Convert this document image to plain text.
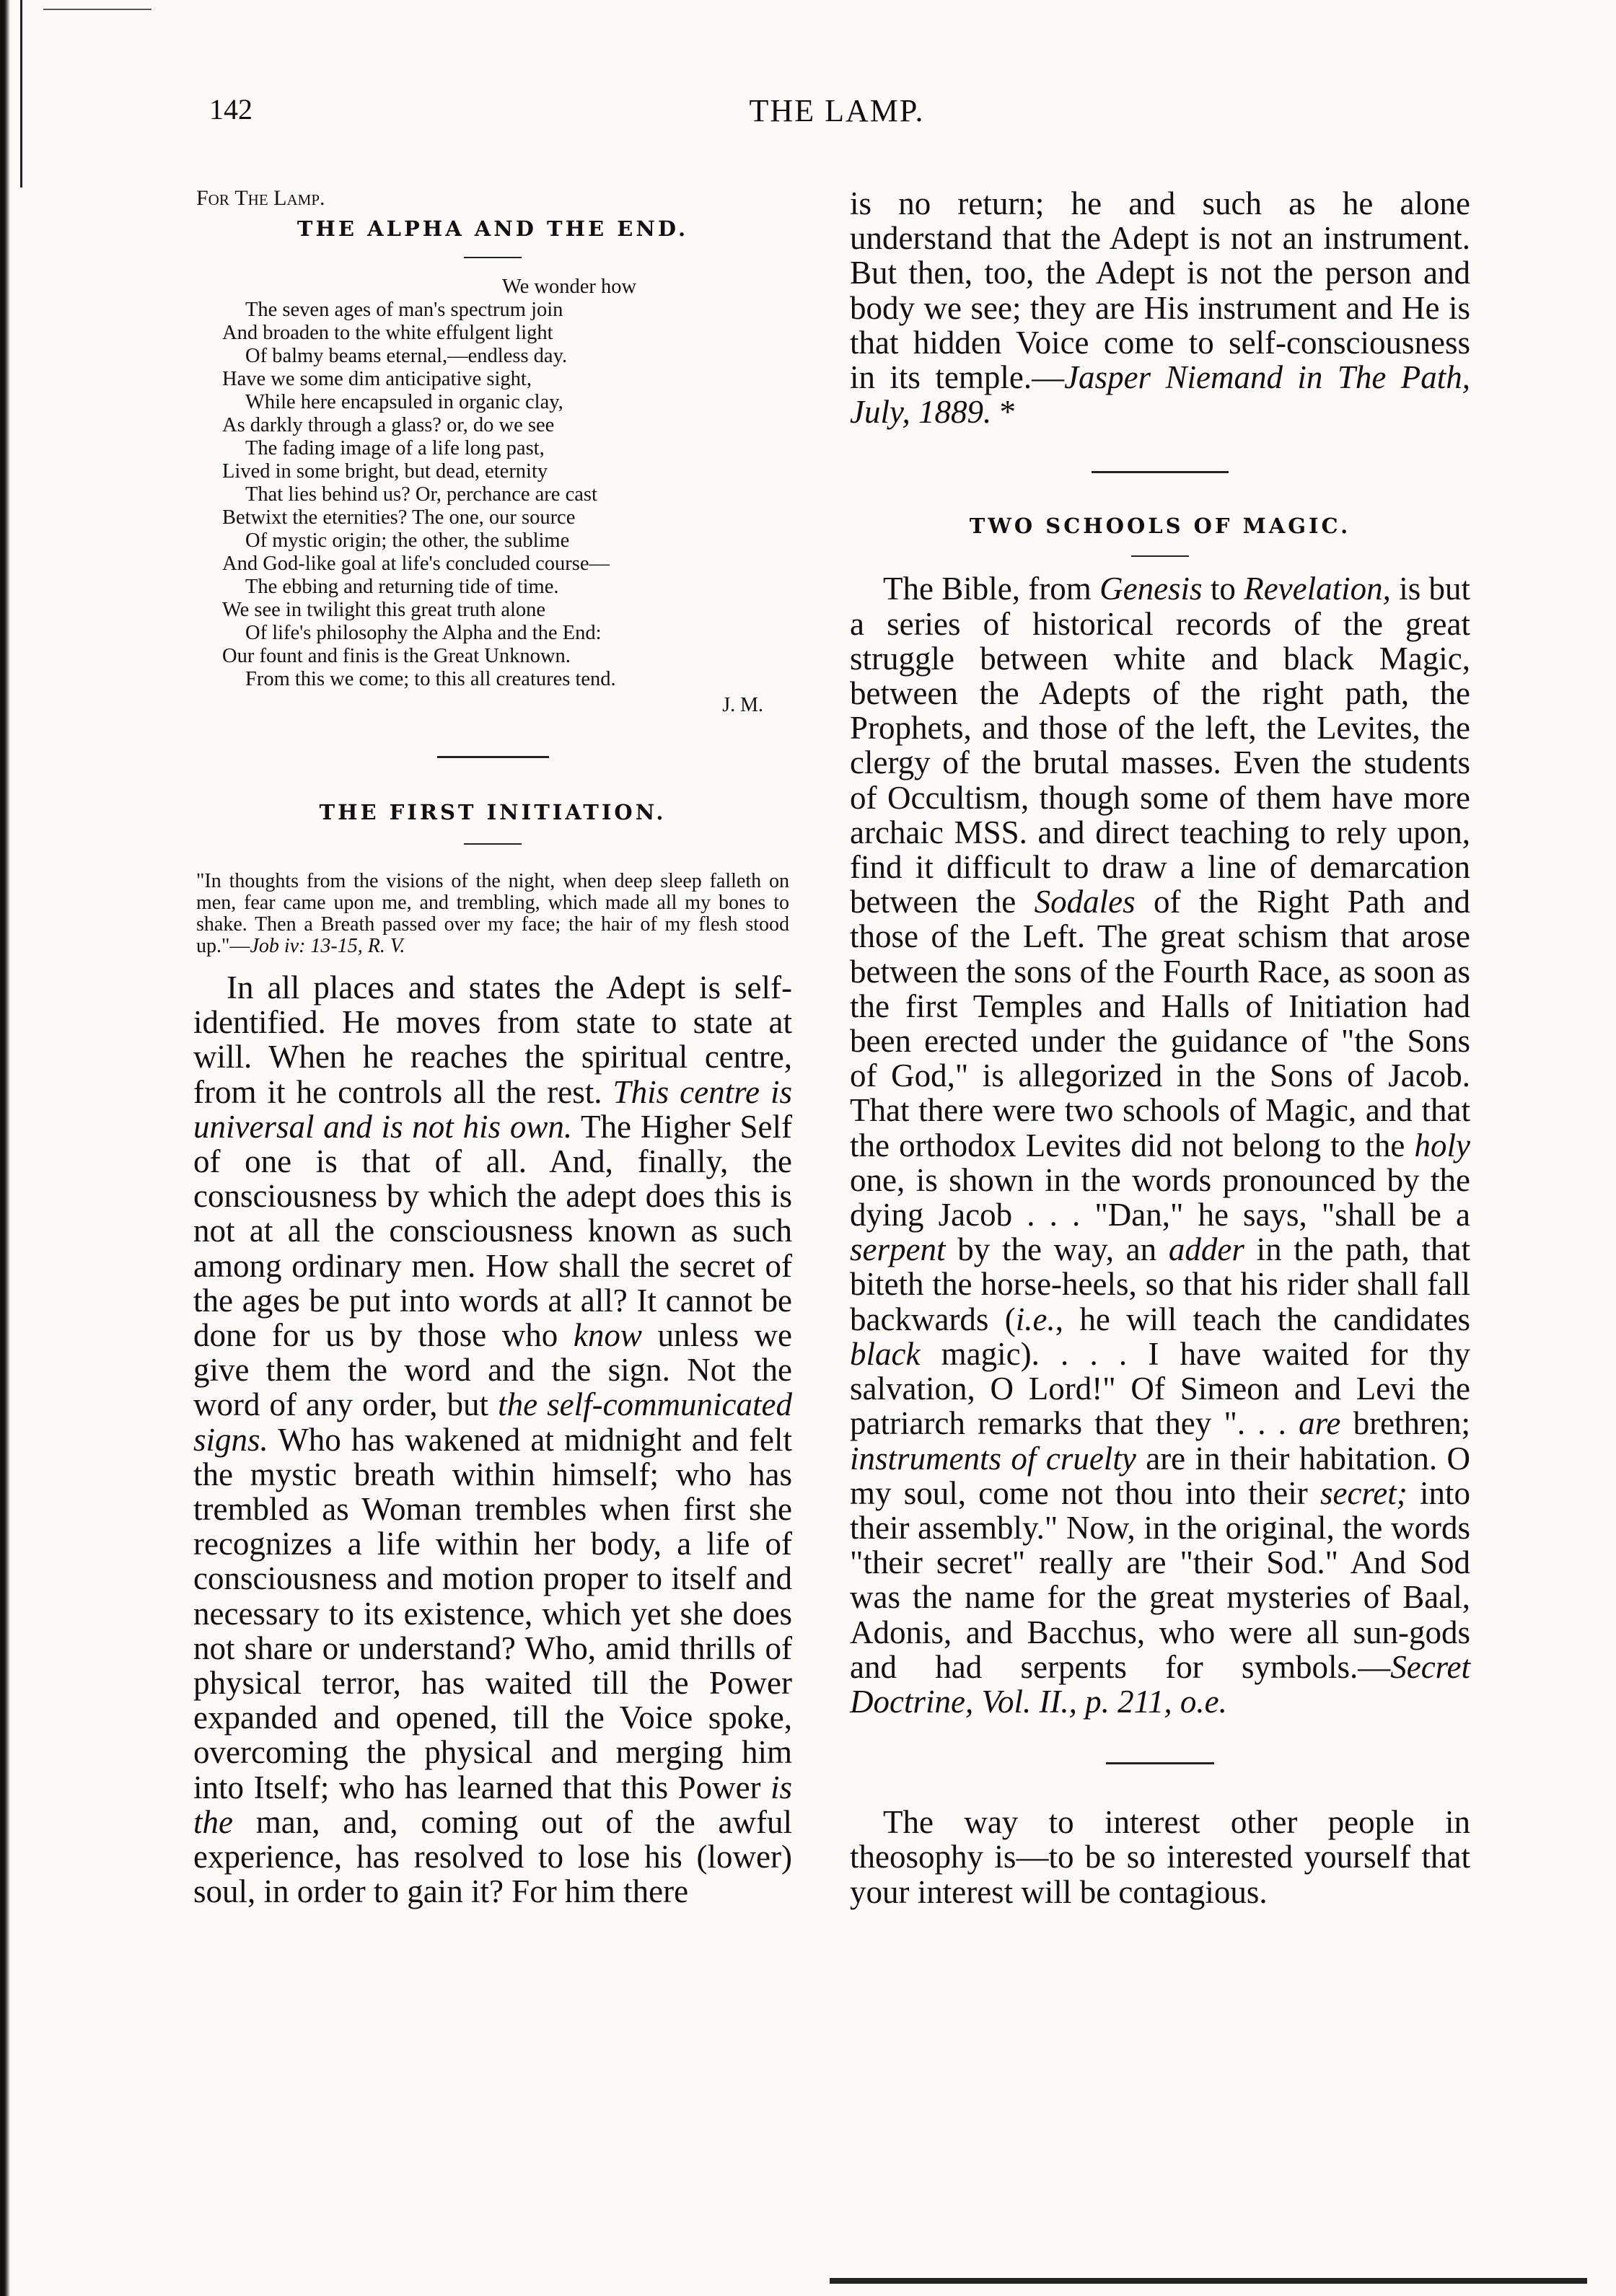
142	THE LAMP.
For The Lamp.
THE ALPHA AND THE END.
We wonder how
The seven ages of man's spectrum join
And broaden to the white effulgent light
Of balmy beams eternal,—endless day.
Have we some dim anticipative sight,
While here encapsuled in organic clay,
As darkly through a glass? or, do we see
The fading image of a life long past,
Lived in some bright, but dead, eternity
That lies behind us? Or, perchance are cast
Betwixt the eternities? The one, our source
Of mystic origin; the other, the sublime
And God-like goal at life's concluded course—
The ebbing and returning tide of time.
We see in twilight this great truth alone
Of life's philosophy the Alpha and the End:
Our fount and finis is the Great Unknown.
From this we come; to this all creatures tend.
J. M.
THE FIRST INITIATION.
"In thoughts from the visions of the night, when deep sleep falleth on men, fear came upon me, and trembling, which made all my bones to shake. Then a Breath passed over my face; the hair of my flesh stood up."—Job iv: 13-15, R. V.

In all places and states the Adept is self-identified. He moves from state to state at will. When he reaches the spiritual centre, from it he controls all the rest. This centre is universal and is not his own. The Higher Self of one is that of all. And, finally, the consciousness by which the adept does this is not at all the consciousness known as such among ordinary men. How shall the secret of the ages be put into words at all? It cannot be done for us by those who know unless we give them the word and the sign. Not the word of any order, but the self-communicated signs. Who has wakened at midnight and felt the mystic breath within himself; who has trembled as Woman trembles when first she recognizes a life within her body, a life of consciousness and motion proper to itself and necessary to its existence, which yet she does not share or understand? Who, amid thrills of physical terror, has waited till the Power expanded and opened, till the Voice spoke, overcoming the physical and merging him into Itself; who has learned that this Power is the man, and, coming out of the awful experience, has resolved to lose his (lower) soul, in order to gain it? For him there

is no return; he and such as he alone understand that the Adept is not an instrument. But then, too, the Adept is not the person and body we see; they are His instrument and He is that hidden Voice come to self-consciousness in its temple.—Jasper Niemand in The Path, July, 1889. *

TWO SCHOOLS OF MAGIC.

The Bible, from Genesis to Revelation, is but a series of historical records of the great struggle between white and black Magic, between the Adepts of the right path, the Prophets, and those of the left, the Levites, the clergy of the brutal masses. Even the students of Occultism, though some of them have more archaic MSS. and direct teaching to rely upon, find it difficult to draw a line of demarcation between the Sodales of the Right Path and those of the Left. The great schism that arose between the sons of the Fourth Race, as soon as the first Temples and Halls of Initiation had been erected under the guidance of "the Sons of God," is allegorized in the Sons of Jacob. That there were two schools of Magic, and that the orthodox Levites did not belong to the holy one, is shown in the words pronounced by the dying Jacob . . . "Dan," he says, "shall be a serpent by the way, an adder in the path, that biteth the horse-heels, so that his rider shall fall backwards (i.e., he will teach the candidates black magic). . . . I have waited for thy salvation, O Lord!" Of Simeon and Levi the patriarch remarks that they ". . . are brethren; instruments of cruelty are in their habitation. O my soul, come not thou into their secret; into their assembly." Now, in the original, the words "their secret" really are "their Sod." And Sod was the name for the great mysteries of Baal, Adonis, and Bacchus, who were all sun-gods and had serpents for symbols.—Secret Doctrine, Vol. II., p. 211, o.e.

The way to interest other people in theosophy is—to be so interested yourself that your interest will be contagious.
